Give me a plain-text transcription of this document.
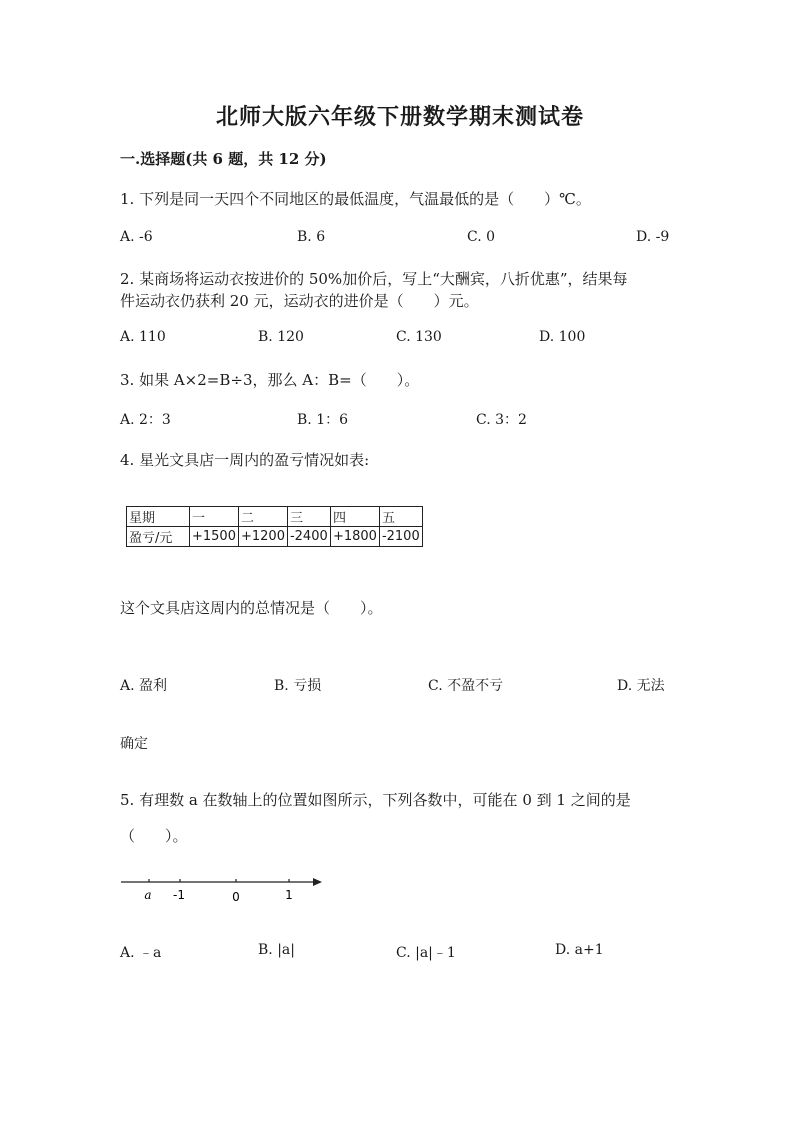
北师大版六年级下册数学期末测试卷
一.选择题(共 6 题，共 12 分)
1. 下列是同一天四个不同地区的最低温度，气温最低的是（　　）℃。
A. -6	B. 6	C. 0	D. -9
2. 某商场将运动衣按进价的 50%加价后，写上“大酬宾，八折优惠”，结果每
件运动衣仍获利 20 元，运动衣的进价是（　　）元。
A. 110	B. 120	C. 130	D. 100
3. 如果 A×2=B÷3，那么 A：B=（　　）。
A. 2：3	B. 1：6	C. 3：2
4. 星光文具店一周内的盈亏情况如表:
星期	一	二	三	四	五
盈亏/元	+1500	+1200	-2400	+1800	-2100
这个文具店这周内的总情况是（　　）。
A. 盈利	B. 亏损	C. 不盈不亏	D. 无法
确定
5. 有理数 a 在数轴上的位置如图所示，下列各数中，可能在 0 到 1 之间的是
（　　）。
a -1	0	1
A. ﹣a	B. |a|	C. |a|﹣1	D. a+1
